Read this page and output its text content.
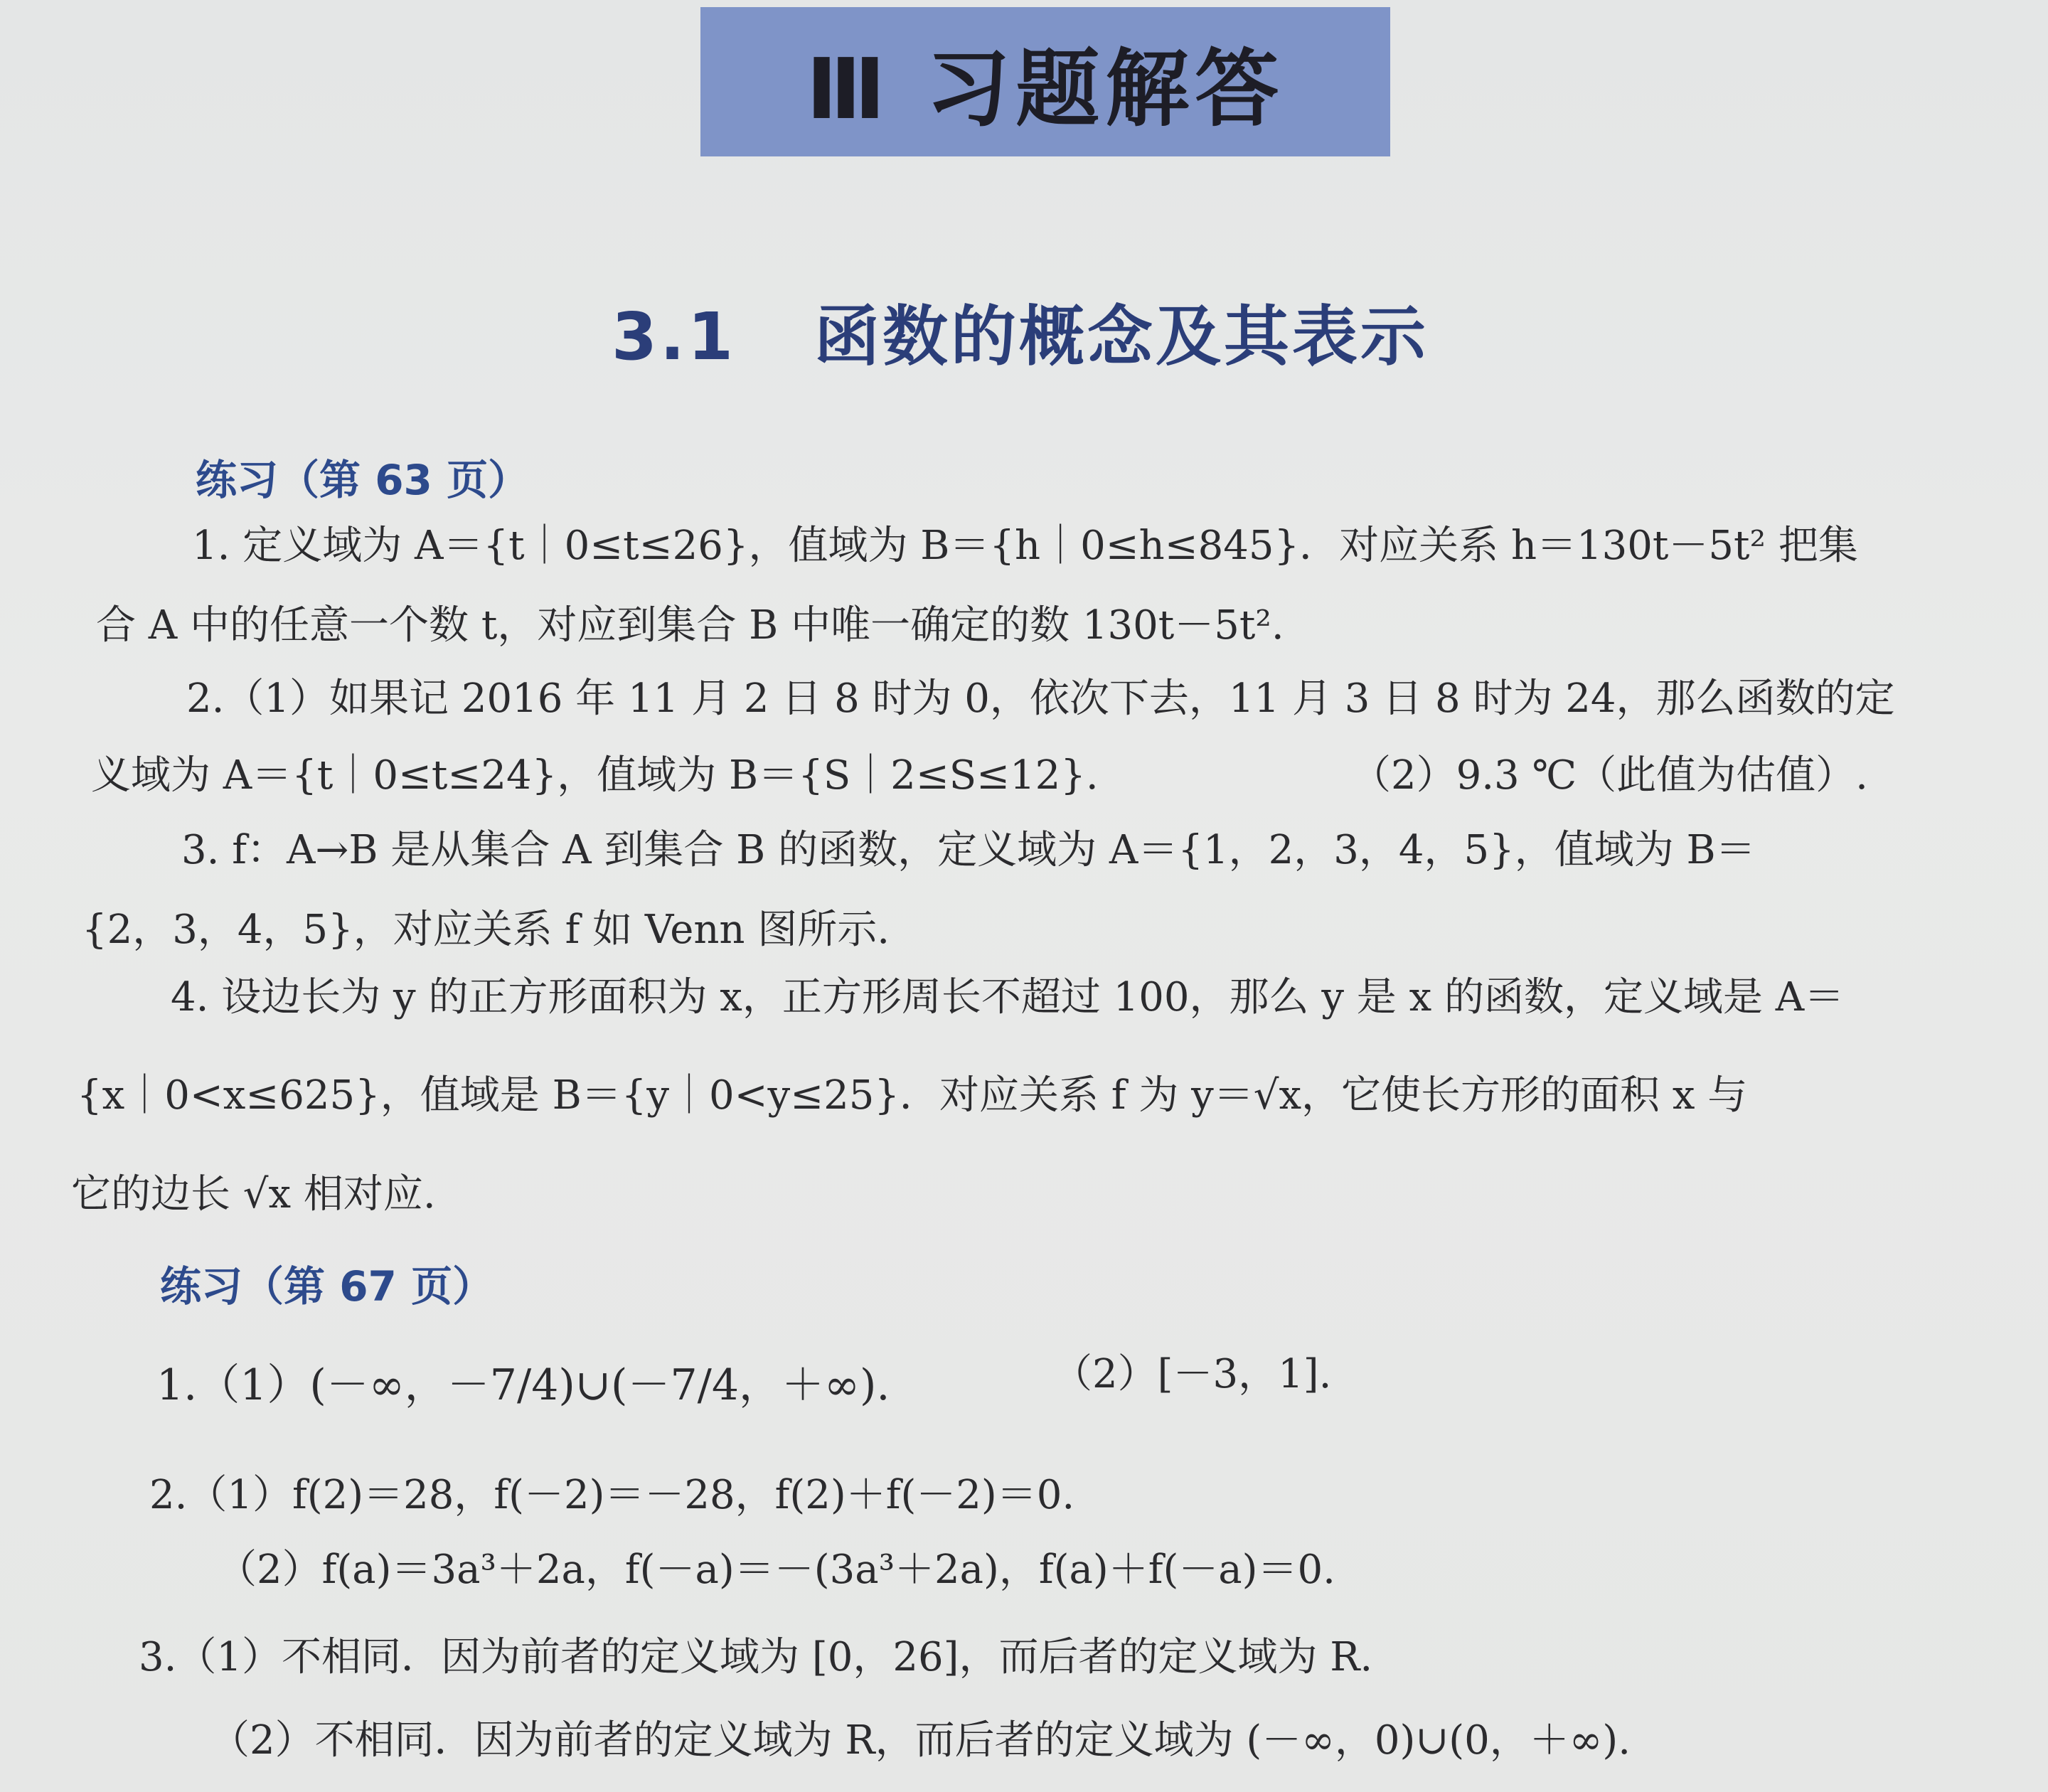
Ⅲ 习题解答
3.1 函数的概念及其表示
练习（第 63 页）
1. 定义域为 A＝{t｜0≤t≤26}，值域为 B＝{h｜0≤h≤845}．对应关系 h＝130t－5t² 把集
合 A 中的任意一个数 t，对应到集合 B 中唯一确定的数 130t－5t².
2.（1）如果记 2016 年 11 月 2 日 8 时为 0，依次下去，11 月 3 日 8 时为 24，那么函数的定
义域为 A＝{t｜0≤t≤24}，值域为 B＝{S｜2≤S≤12}.	（2）9.3 ℃（此值为估值）.
3. f：A→B 是从集合 A 到集合 B 的函数，定义域为 A＝{1，2，3，4，5}，值域为 B＝
{2，3，4，5}，对应关系 f 如 Venn 图所示.
4. 设边长为 y 的正方形面积为 x，正方形周长不超过 100，那么 y 是 x 的函数，定义域是 A＝
{x｜0<x≤625}，值域是 B＝{y｜0<y≤25}．对应关系 f 为 y＝√x，它使长方形的面积 x 与
它的边长 √x 相对应.
练习（第 67 页）
1.（1）(－∞，－7/4)∪(－7/4，＋∞).	（2）[－3，1].
2.（1）f(2)＝28，f(－2)＝－28，f(2)＋f(－2)＝0.
（2）f(a)＝3a³＋2a，f(－a)＝－(3a³＋2a)，f(a)＋f(－a)＝0.
3.（1）不相同．因为前者的定义域为 [0，26]，而后者的定义域为 R.
（2）不相同．因为前者的定义域为 R，而后者的定义域为 (－∞，0)∪(0，＋∞).
